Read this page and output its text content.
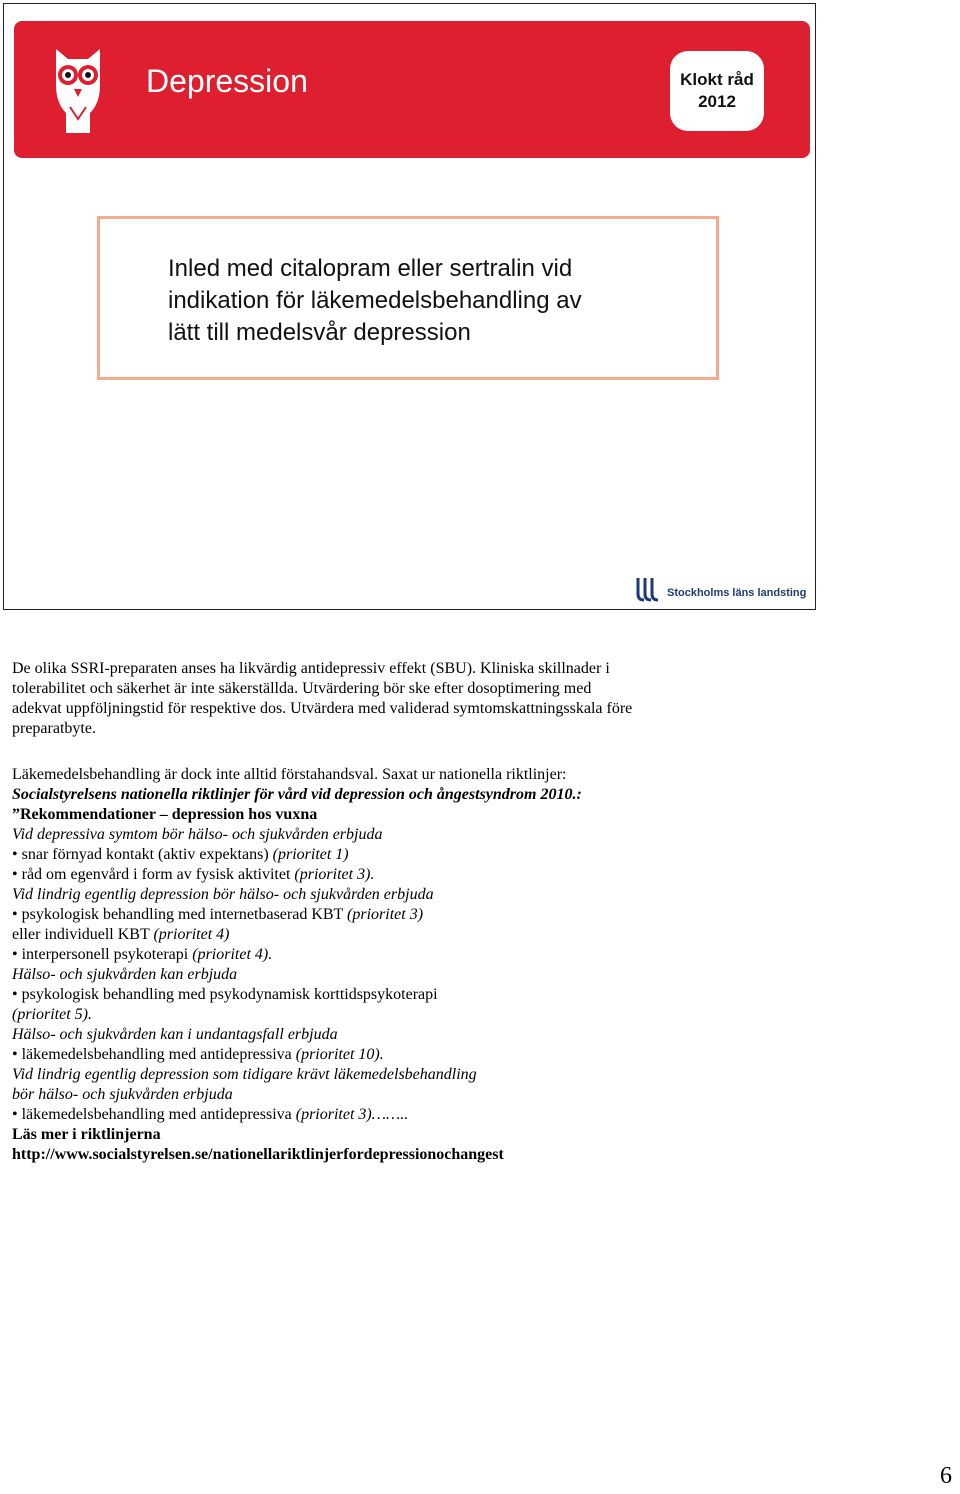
Depression	Klokt råd
2012
Inled med citalopram eller sertralin vid
indikation för läkemedelsbehandling av
lätt till medelsvår depression
Stockholms läns landsting

De olika SSRI-preparaten anses ha likvärdig antidepressiv effekt (SBU). Kliniska skillnader i
tolerabilitet och säkerhet är inte säkerställda. Utvärdering bör ske efter dosoptimering med
adekvat uppföljningstid för respektive dos. Utvärdera med validerad symtomskattningsskala före
preparatbyte.

Läkemedelsbehandling är dock inte alltid förstahandsval. Saxat ur nationella riktlinjer:

Socialstyrelsens nationella riktlinjer för vård vid depression och ångestsyndrom 2010.:

”Rekommendationer – depression hos vuxna

Vid depressiva symtom bör hälso- och sjukvården erbjuda

• snar förnyad kontakt (aktiv expektans) (prioritet 1)

• råd om egenvård i form av fysisk aktivitet (prioritet 3).

Vid lindrig egentlig depression bör hälso- och sjukvården erbjuda

• psykologisk behandling med internetbaserad KBT (prioritet 3)

eller individuell KBT (prioritet 4)

• interpersonell psykoterapi (prioritet 4).

Hälso- och sjukvården kan erbjuda

• psykologisk behandling med psykodynamisk korttidspsykoterapi

(prioritet 5).

Hälso- och sjukvården kan i undantagsfall erbjuda

• läkemedelsbehandling med antidepressiva (prioritet 10).

Vid lindrig egentlig depression som tidigare krävt läkemedelsbehandling

bör hälso- och sjukvården erbjuda

• läkemedelsbehandling med antidepressiva (prioritet 3)……..

Läs mer i riktlinjerna

http://www.socialstyrelsen.se/nationellariktlinjerfordepressionochangest

6
